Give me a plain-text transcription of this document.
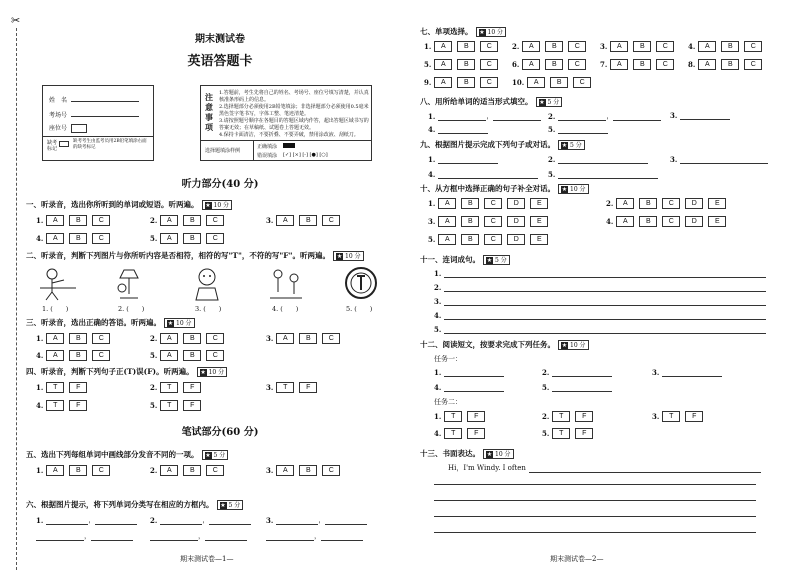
✂
期末测试卷
英语答题卡
姓　名
考场号
座位号
缺考标记
缺考考生由监考员用2B铅笔填涂右面的缺考标记
注意事项
1.答题前，考生先将自己的姓名、考场号、座位号填写清楚，并认真核准条形码上的信息。
2.选择题部分必须使用2B铅笔填涂；非选择题部分必须使用0.5毫米黑色签字笔书写，字体工整、笔迹清楚。
3.请按照题号顺序在各题目的答题区域内作答，超出答题区域书写的答案无效；在草稿纸、试题卷上答题无效。
4.保持卡面清洁，不要折叠、不要弄破，禁用涂改液、刮纸刀。
选择题填涂样例
正确填涂
错误填涂 [✓] [×] [-] [●] [○]
听力部分(40 分)
一、听录音，选出你所听到的单词或短语。听两遍。 ★ 10 分
1.	A	B	C	2.	A	B	C	3.	A	B	C
4.	A	B	C	5.	A	B	C
二、听录音，判断下列图片与你所听内容是否相符，相符的写"T"，不符的写"F"。听两遍。 ★ 10 分
1. (　　)	2. (　　)	3. (　　)	4. (　　)	5. (　　)
三、听录音，选出正确的答语。听两遍。 ★ 10 分
1.	A	B	C	2.	A	B	C	3.	A	B	C
4.	A	B	C	5.	A	B	C
四、听录音，判断下列句子正(T)误(F)。听两遍。 ★ 10 分
1.	T	F	2.	T	F	3.	T	F
4.	T	F	5.	T	F
笔试部分(60 分)
五、选出下列每组单词中画线部分发音不同的一项。 ★ 5 分
1.	A	B	C	2.	A	B	C	3.	A	B	C
六、根据图片提示，将下列单词分类写在相应的方框内。 ★ 5 分
1.	，	2.	，	3.	，
，	，	，
期末测试卷—1—
七、单项选择。 ★ 10 分
1.	A	B	C	2.	A	B	C	3.	A	B	C	4.	A	B	C
5.	A	B	C	6.	A	B	C	7.	A	B	C	8.	A	B	C
9.	A	B	C	10.	A	B	C
八、用所给单词的适当形式填空。 ★ 5 分
1.	，	2.	，	3.
4.	5.
九、根据图片提示完成下列句子或对话。 ★ 5 分
1.	2.	3.
4.	5.
十、从方框中选择正确的句子补全对话。 ★ 10 分
1.	A	B	C	D	E	2.	A	B	C	D	E
3.	A	B	C	D	E	4.	A	B	C	D	E
5.	A	B	C	D	E
十一、连词成句。 ★ 5 分
1.
2.
3.
4.
5.
十二、阅读短文，按要求完成下列任务。 ★ 10 分
任务一：
1.	2.	3.
4.	5.
任务二：
1.	T	F	2.	T	F	3.	T	F
4.	T	F	5.	T	F
十三、书面表达。 ★ 10 分
Hi，I'm Windy. I often
期末测试卷—2—
